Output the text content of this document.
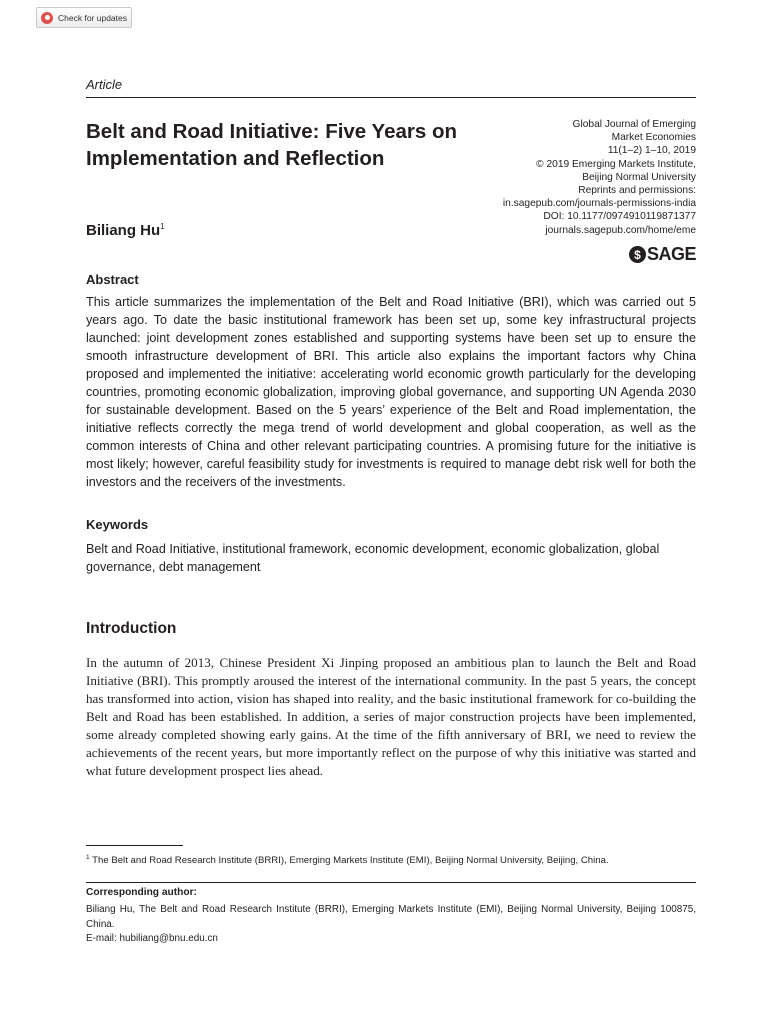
Check for updates
Article
Belt and Road Initiative: Five Years on Implementation and Reflection
Global Journal of Emerging
Market Economies
11(1–2) 1–10, 2019
© 2019 Emerging Markets Institute,
Beijing Normal University
Reprints and permissions:
in.sagepub.com/journals-permissions-india
DOI: 10.1177/0974910119871377
journals.sagepub.com/home/eme
$ SAGE
Biliang Hu$^1$
Abstract

This article summarizes the implementation of the Belt and Road Initiative (BRI), which was carried out 5 years ago. To date the basic institutional framework has been set up, some key infrastructural projects launched: joint development zones established and supporting systems have been set up to ensure the smooth infrastructure development of BRI. This article also explains the important factors why China proposed and implemented the initiative: accelerating world economic growth particularly for the developing countries, promoting economic globalization, improving global governance, and supporting UN Agenda 2030 for sustainable development. Based on the 5 years’ experience of the Belt and Road implementation, the initiative reflects correctly the mega trend of world development and global cooperation, as well as the common interests of China and other relevant participating countries. A promising future for the initiative is most likely; however, careful feasibility study for investments is required to manage debt risk well for both the investors and the receivers of the investments.

Keywords

Belt and Road Initiative, institutional framework, economic development, economic globalization, global governance, debt management

Introduction

In the autumn of 2013, Chinese President Xi Jinping proposed an ambitious plan to launch the Belt and Road Initiative (BRI). This promptly aroused the interest of the international community. In the past 5 years, the concept has transformed into action, vision has shaped into reality, and the basic institutional framework for co-building the Belt and Road has been established. In addition, a series of major construction projects have been implemented, some already completed showing early gains. At the time of the fifth anniversary of BRI, we need to review the achievements of the recent years, but more importantly reflect on the purpose of why this initiative was started and what future development prospect lies ahead.

$^1$ The Belt and Road Research Institute (BRRI), Emerging Markets Institute (EMI), Beijing Normal University, Beijing, China.

Corresponding author:

Biliang Hu, The Belt and Road Research Institute (BRRI), Emerging Markets Institute (EMI), Beijing Normal University, Beijing 100875, China.

E-mail: hubiliang@bnu.edu.cn
